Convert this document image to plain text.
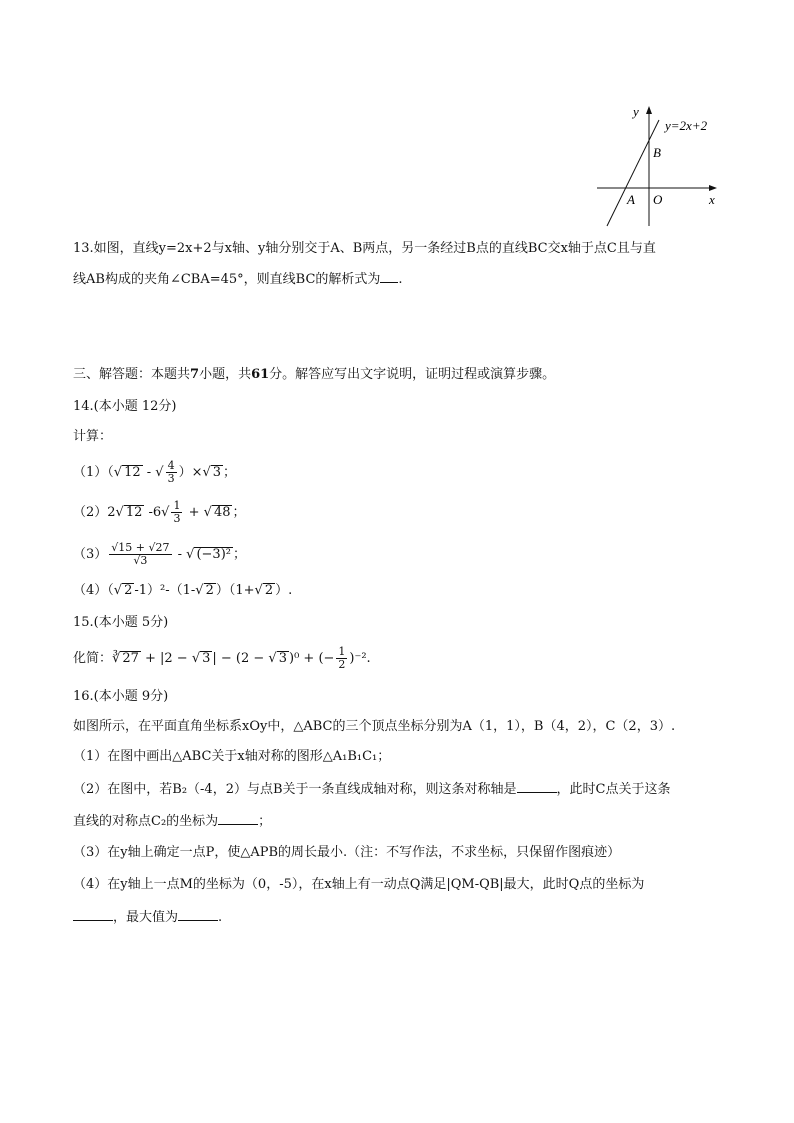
y
x
y=2x+2
B
A O
13.如图，直线y=2x+2与x轴、y轴分别交于A、B两点，另一条经过B点的直线BC交x轴于点C且与直
线AB构成的夹角∠CBA=45°，则直线BC的解析式为 .
三、解答题：本题共7小题，共61分。解答应写出文字说明，证明过程或演算步骤。
14.(本小题 12分)
计算：
（1）（√ 12 - √ $\frac{4}{3}$ ）×√ 3 ；
（2）2√ 12 $-6√ \frac{1}{3}$ + √ 48 ；
$(3) \frac{√15 + √27}{√3}$ - √ (−3)² ；
（4）（√ 2 -1）²-（1-√ 2 ）（1+√ 2 ）.
15.(本小题 5分)
化简：∛ 27 + |2 − √ 3 | − (2 − √ 3 )⁰ + (− $\frac{1}{2} )^{-2}$.
16.(本小题 9分)
如图所示，在平面直角坐标系xOy中，△ABC的三个顶点坐标分别为A（1，1），B（4，2），C（2，3）.
（1）在图中画出△ABC关于x轴对称的图形△A₁B₁C₁；
（2）在图中，若B₂（-4，2）与点B关于一条直线成轴对称，则这条对称轴是	，此时C点关于这条
直线的对称点C₂的坐标为	；
（3）在y轴上确定一点P，使△APB的周长最小.（注：不写作法，不求坐标，只保留作图痕迹）
（4）在y轴上一点M的坐标为（0，-5），在x轴上有一动点Q满足|QM-QB|最大，此时Q点的坐标为
，最大值为	.
